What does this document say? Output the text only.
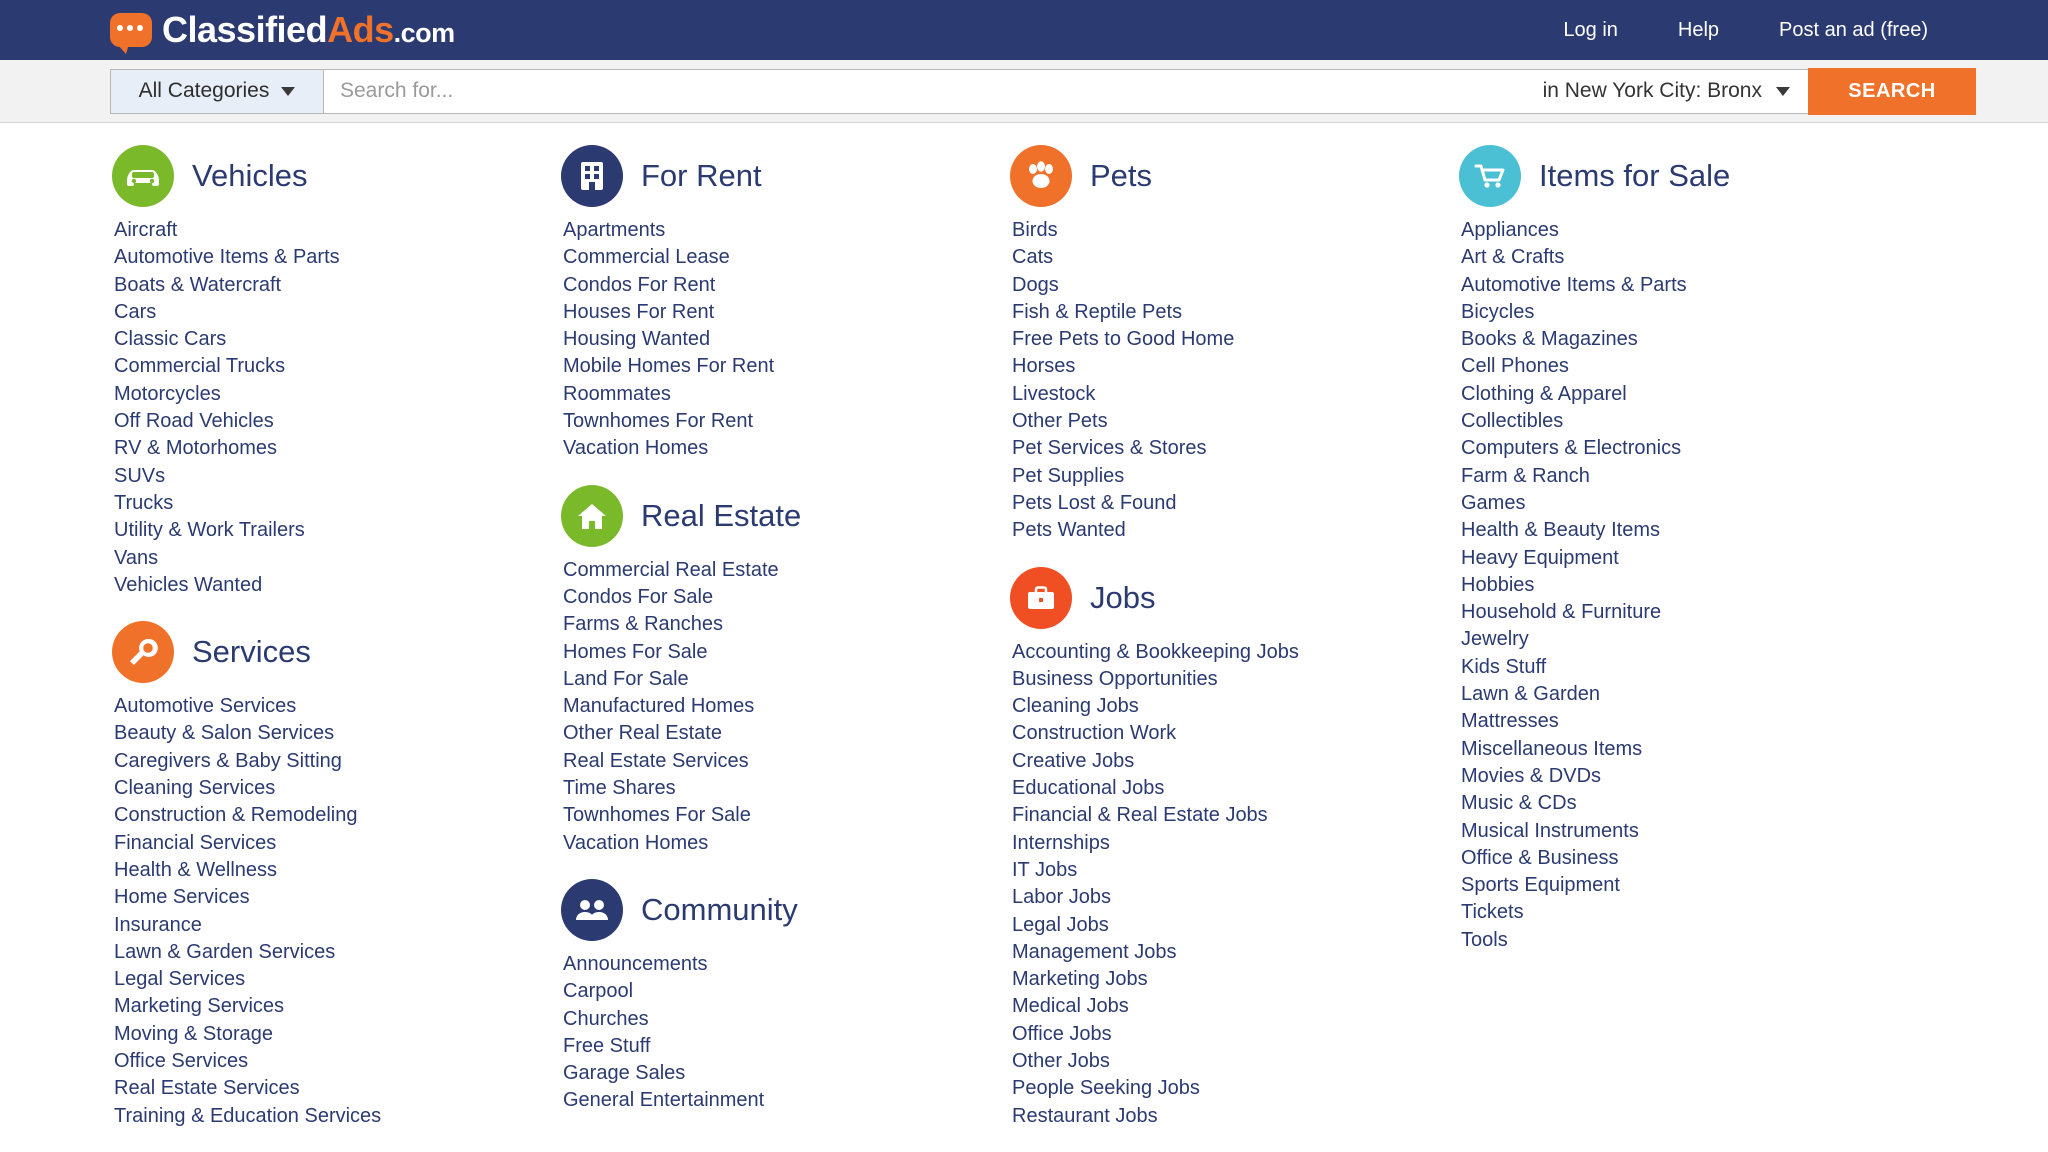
ClassifiedAds.com	Log in	Help	Post an ad (free)
All Categories
Search for...	in New York City: Bronx	SEARCH
Vehicles
Aircraft
Automotive Items & Parts
Boats & Watercraft
Cars
Classic Cars
Commercial Trucks
Motorcycles
Off Road Vehicles
RV & Motorhomes
SUVs
Trucks
Utility & Work Trailers
Vans
Vehicles Wanted
Services
Automotive Services
Beauty & Salon Services
Caregivers & Baby Sitting
Cleaning Services
Construction & Remodeling
Financial Services
Health & Wellness
Home Services
Insurance
Lawn & Garden Services
Legal Services
Marketing Services
Moving & Storage
Office Services
Real Estate Services
Training & Education Services
For Rent
Apartments
Commercial Lease
Condos For Rent
Houses For Rent
Housing Wanted
Mobile Homes For Rent
Roommates
Townhomes For Rent
Vacation Homes
Real Estate
Commercial Real Estate
Condos For Sale
Farms & Ranches
Homes For Sale
Land For Sale
Manufactured Homes
Other Real Estate
Real Estate Services
Time Shares
Townhomes For Sale
Vacation Homes
Community
Announcements
Carpool
Churches
Free Stuff
Garage Sales
General Entertainment
Pets
Birds
Cats
Dogs
Fish & Reptile Pets
Free Pets to Good Home
Horses
Livestock
Other Pets
Pet Services & Stores
Pet Supplies
Pets Lost & Found
Pets Wanted
Jobs
Accounting & Bookkeeping Jobs
Business Opportunities
Cleaning Jobs
Construction Work
Creative Jobs
Educational Jobs
Financial & Real Estate Jobs
Internships
IT Jobs
Labor Jobs
Legal Jobs
Management Jobs
Marketing Jobs
Medical Jobs
Office Jobs
Other Jobs
People Seeking Jobs
Restaurant Jobs
Items for Sale
Appliances
Art & Crafts
Automotive Items & Parts
Bicycles
Books & Magazines
Cell Phones
Clothing & Apparel
Collectibles
Computers & Electronics
Farm & Ranch
Games
Health & Beauty Items
Heavy Equipment
Hobbies
Household & Furniture
Jewelry
Kids Stuff
Lawn & Garden
Mattresses
Miscellaneous Items
Movies & DVDs
Music & CDs
Musical Instruments
Office & Business
Sports Equipment
Tickets
Tools
